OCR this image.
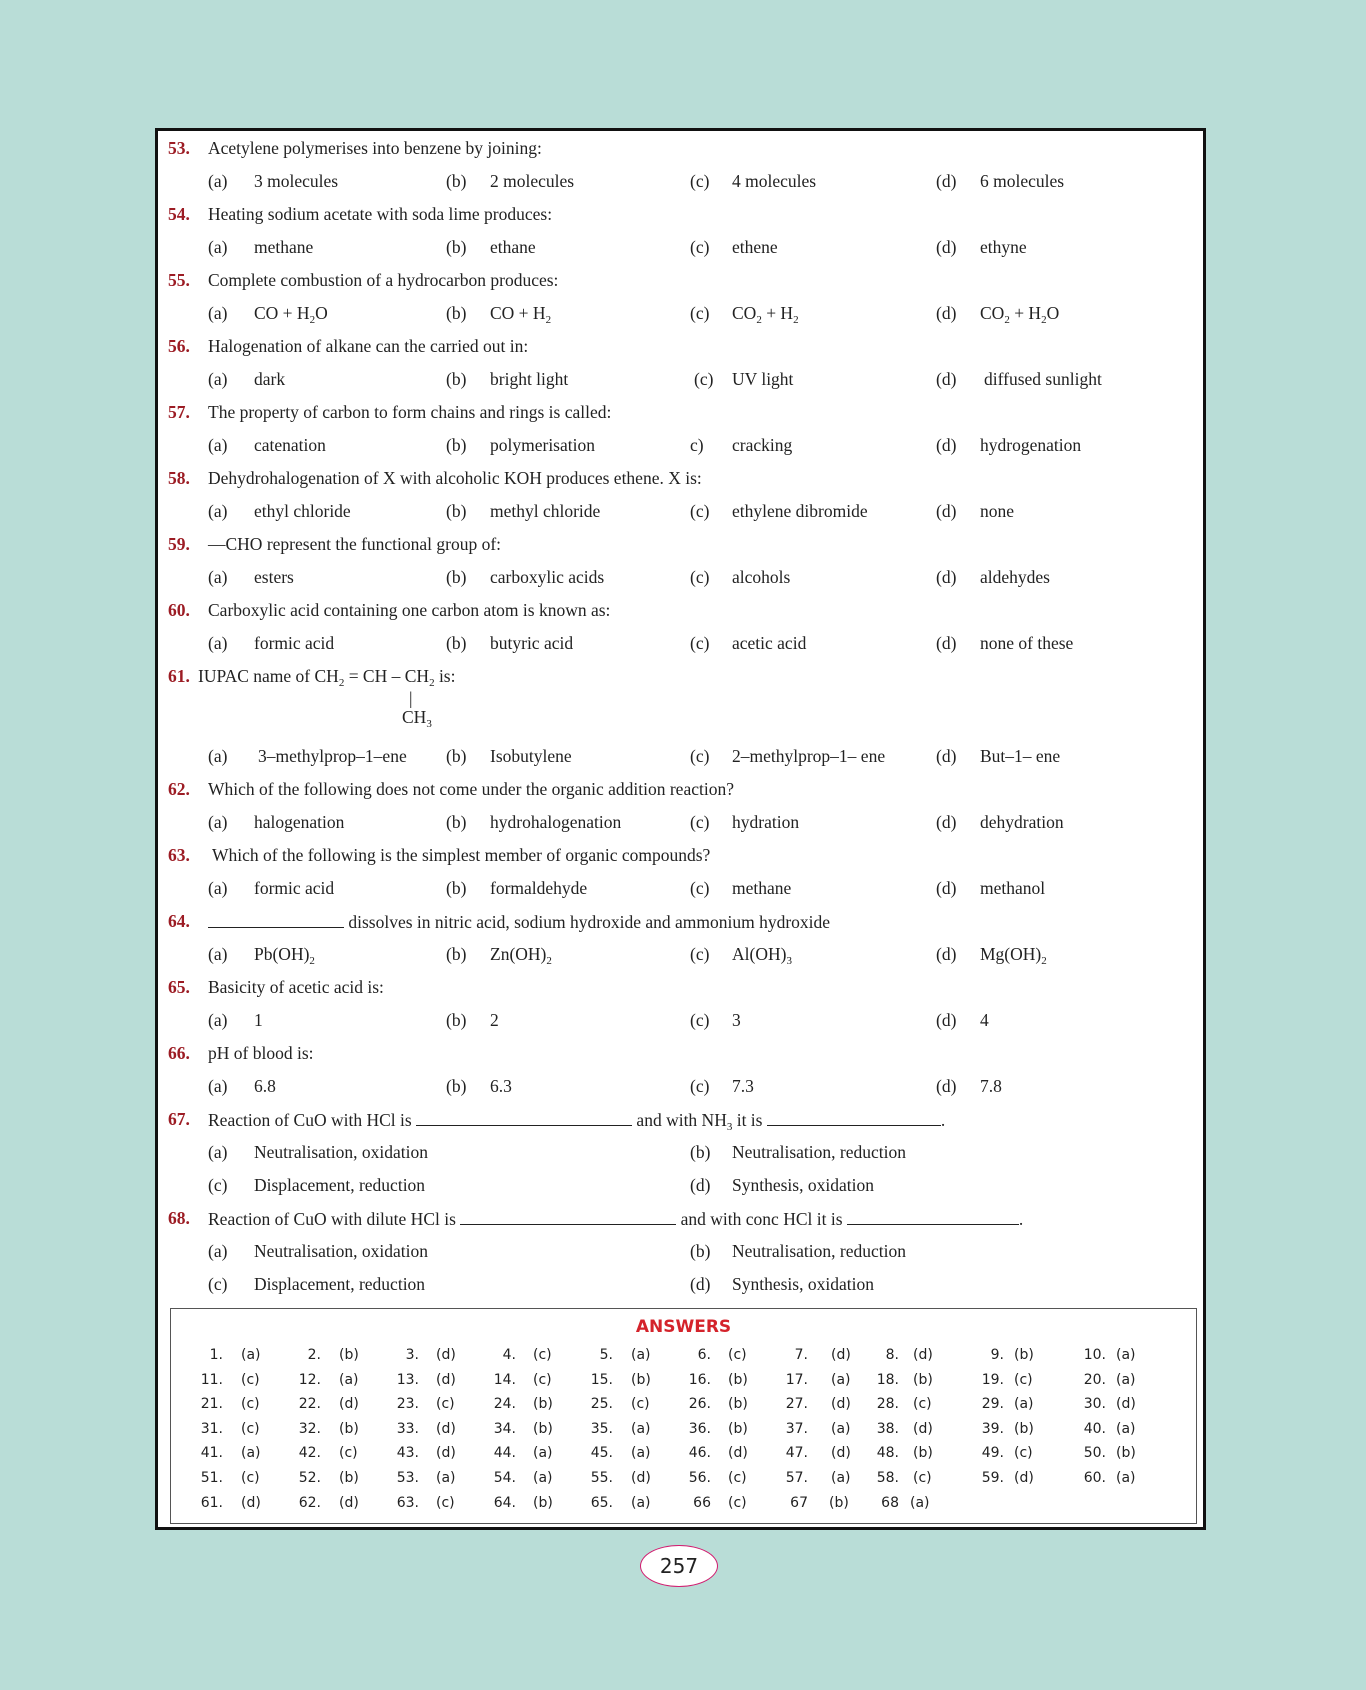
53. Acetylene polymerises into benzene by joining:
(a) 3 molecules	(b) 2 molecules	(c) 4 molecules	(d) 6 molecules
54. Heating sodium acetate with soda lime produces:
(a) methane	(b) ethane	(c) ethene	(d) ethyne
55. Complete combustion of a hydrocarbon produces:
(a) CO + $H_2O$	(b) CO + $H_2$	(c) $CO_2 + H_2$	(d) $CO_2 + H_2O$
56. Halogenation of alkane can the carried out in:
(a) dark	(b) bright light	(c) UV light	(d) diffused sunlight
57. The property of carbon to form chains and rings is called:
(a) catenation	(b) polymerisation	c) cracking	(d) hydrogenation
58. Dehydrohalogenation of X with alcoholic KOH produces ethene. X is:
(a) ethyl chloride	(b) methyl chloride	(c) ethylene dibromide	(d) none
59. —CHO represent the functional group of:
(a) esters	(b) carboxylic acids	(c) alcohols	(d) aldehydes
60. Carboxylic acid containing one carbon atom is known as:
(a) formic acid	(b) butyric acid	(c) acetic acid	(d) none of these
61. IUPAC name of $CH_2$ = CH – $CH_2$ is:
|
$CH_3$
(a) 3–methylprop–1–ene (b) Isobutylene	(c) 2–methylprop–1– ene	(d) But–1– ene
62. Which of the following does not come under the organic addition reaction?
(a) halogenation	(b) hydrohalogenation	(c) hydration	(d) dehydration
63. Which of the following is the simplest member of organic compounds?
(a) formic acid	(b) formaldehyde	(c) methane	(d) methanol
64.	dissolves in nitric acid, sodium hydroxide and ammonium hydroxide
(a) $Pb(OH)_2$	(b) $Zn(OH)_2$	(c) $Al(OH)_3$	(d) $Mg(OH)_2$
65. Basicity of acetic acid is:
(a) 1	(b) 2	(c) 3	(d) 4
66. pH of blood is:
(a) 6.8	(b) 6.3	(c) 7.3	(d) 7.8
67. Reaction of CuO with HCl is	and with $NH_3$ it is	.
(a) Neutralisation, oxidation	(b) Neutralisation, reduction
(c) Displacement, reduction	(d) Synthesis, oxidation
68. Reaction of CuO with dilute HCl is	and with conc HCl it is	.
(a) Neutralisation, oxidation	(b) Neutralisation, reduction
(c) Displacement, reduction	(d) Synthesis, oxidation
ANSWERS
1. (a)	2. (b)	3. (d)	4. (c)	5. (a)	6. (c)	7. (d)	8. (d)	9. (b)	10. (a)
11. (c)	12. (a)	13. (d)	14. (c)	15. (b)	16. (b)	17. (a)	18. (b)	19. (c)	20. (a)
21. (c)	22. (d)	23. (c)	24. (b)	25. (c)	26. (b)	27. (d)	28. (c)	29. (a)	30. (d)
31. (c)	32. (b)	33. (d)	34. (b)	35. (a)	36. (b)	37. (a)	38. (d)	39. (b)	40. (a)
41. (a)	42. (c)	43. (d)	44. (a)	45. (a)	46. (d)	47. (d)	48. (b)	49. (c)	50. (b)
51. (c)	52. (b)	53. (a)	54. (a)	55. (d)	56. (c)	57. (a)	58. (c)	59. (d)	60. (a)
61. (d)	62. (d)	63. (c)	64. (b)	65. (a)	66 (c)	67 (b)	68 (a)
257
